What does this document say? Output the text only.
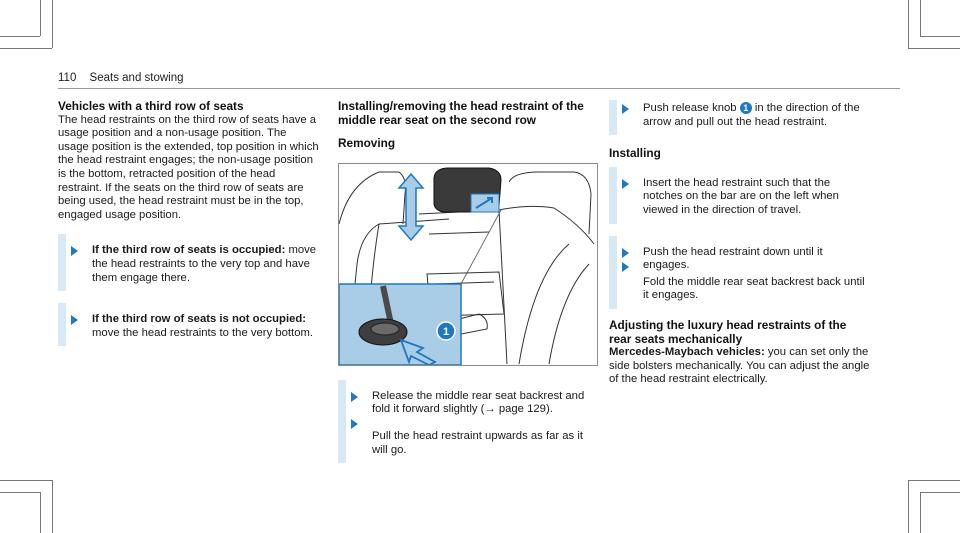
110 Seats and stowing

Vehicles with a third row of seats

The head restraints on the third row of seats have a usage position and a non-usage position. The usage position is the extended, top position in which the head restraint engages; the non-usage position is the bottom, retracted position of the head restraint. If the seats on the third row of seats are being used, the head restraint must be in the top, engaged usage position.

If the third row of seats is occupied: move the head restraints to the very top and have them engage there.
If the third row of seats is not occupied: move the head restraints to the very bottom.

Installing/removing the head restraint of the middle rear seat on the second row

Removing

1
Release the middle rear seat backrest and fold it forward slightly (→ page 129).
Pull the head restraint upwards as far as it will go.
Push release knob 1 in the direction of the arrow and pull out the head restraint.

Installing

Insert the head restraint such that the notches on the bar are on the left when viewed in the direction of travel.
Push the head restraint down until it engages.
Fold the middle rear seat backrest back until it engages.

Adjusting the luxury head restraints of the rear seats mechanically

Mercedes-Maybach vehicles: you can set only the side bolsters mechanically. You can adjust the angle of the head restraint electrically.
